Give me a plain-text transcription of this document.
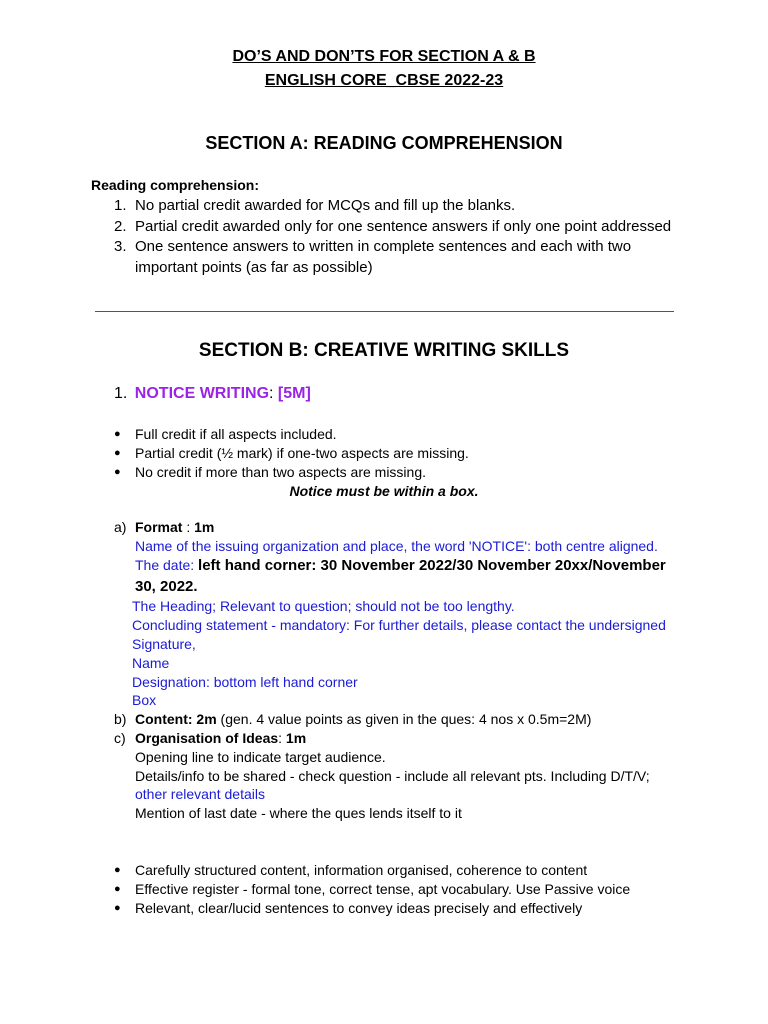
DO’S AND DON’TS FOR SECTION A & B
ENGLISH CORE_CBSE 2022-23
SECTION A: READING COMPREHENSION
Reading comprehension:
1. No partial credit awarded for MCQs and fill up the blanks.
2. Partial credit awarded only for one sentence answers if only one point addressed
3. One sentence answers to written in complete sentences and each with two
important points (as far as possible)
SECTION B: CREATIVE WRITING SKILLS
1. NOTICE WRITING: [5M]
● Full credit if all aspects included.
● Partial credit (½ mark) if one-two aspects are missing.
● No credit if more than two aspects are missing.
Notice must be within a box.
a) Format : 1m
Name of the issuing organization and place, the word 'NOTICE': both centre aligned.
The date: left hand corner: 30 November 2022/30 November 20xx/November
30, 2022.
The Heading; Relevant to question; should not be too lengthy.
Concluding statement - mandatory: For further details, please contact the undersigned
Signature,
Name
Designation: bottom left hand corner
Box
b) Content: 2m (gen. 4 value points as given in the ques: 4 nos x 0.5m=2M)
c) Organisation of Ideas: 1m
Opening line to indicate target audience.
Details/info to be shared - check question - include all relevant pts. Including D/T/V;
other relevant details
Mention of last date - where the ques lends itself to it
● Carefully structured content, information organised, coherence to content
● Effective register - formal tone, correct tense, apt vocabulary. Use Passive voice
● Relevant, clear/lucid sentences to convey ideas precisely and effectively
